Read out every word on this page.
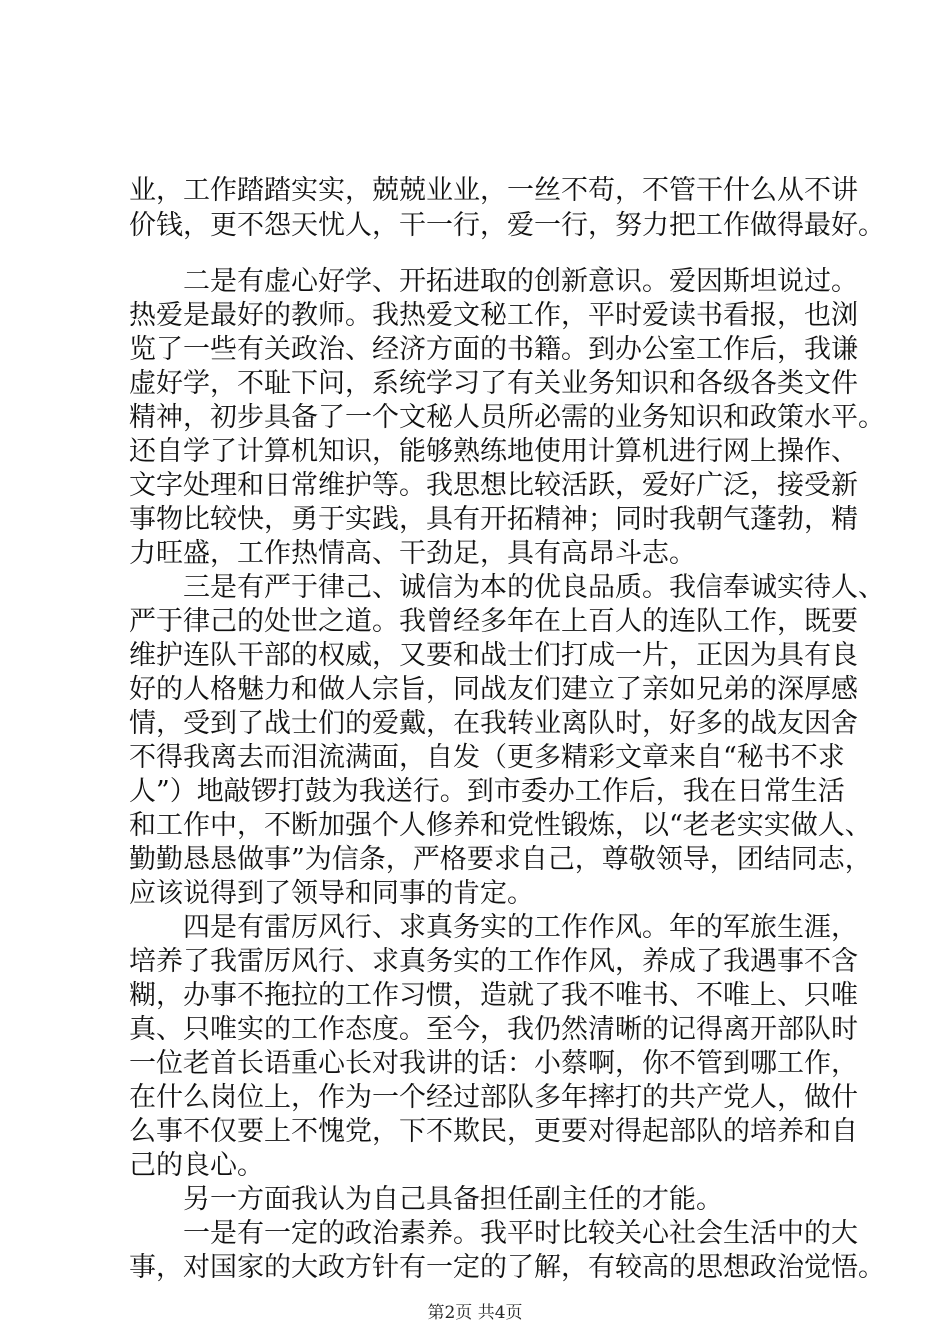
业，工作踏踏实实，兢兢业业，一丝不苟，不管干什么从不讲
价钱，更不怨天忧人，干一行，爱一行，努力把工作做得最好。
二是有虚心好学、开拓进取的创新意识。爱因斯坦说过。
热爱是最好的教师。我热爱文秘工作，平时爱读书看报，也浏
览了一些有关政治、经济方面的书籍。到办公室工作后，我谦
虚好学，不耻下问，系统学习了有关业务知识和各级各类文件
精神，初步具备了一个文秘人员所必需的业务知识和政策水平。
还自学了计算机知识，能够熟练地使用计算机进行网上操作、
文字处理和日常维护等。我思想比较活跃，爱好广泛，接受新
事物比较快，勇于实践，具有开拓精神；同时我朝气蓬勃，精
力旺盛，工作热情高、干劲足，具有高昂斗志。
三是有严于律己、诚信为本的优良品质。我信奉诚实待人、
严于律己的处世之道。我曾经多年在上百人的连队工作，既要
维护连队干部的权威，又要和战士们打成一片，正因为具有良
好的人格魅力和做人宗旨，同战友们建立了亲如兄弟的深厚感
情，受到了战士们的爱戴，在我转业离队时，好多的战友因舍
不得我离去而泪流满面，自发（更多精彩文章来自“秘书不求
人”）地敲锣打鼓为我送行。到市委办工作后，我在日常生活
和工作中，不断加强个人修养和党性锻炼，以“老老实实做人、
勤勤恳恳做事”为信条，严格要求自己，尊敬领导，团结同志，
应该说得到了领导和同事的肯定。
四是有雷厉风行、求真务实的工作作风。年的军旅生涯，
培养了我雷厉风行、求真务实的工作作风，养成了我遇事不含
糊，办事不拖拉的工作习惯，造就了我不唯书、不唯上、只唯
真、只唯实的工作态度。至今，我仍然清晰的记得离开部队时
一位老首长语重心长对我讲的话：小蔡啊，你不管到哪工作，
在什么岗位上，作为一个经过部队多年摔打的共产党人，做什
么事不仅要上不愧党，下不欺民，更要对得起部队的培养和自
己的良心。
另一方面我认为自己具备担任副主任的才能。
一是有一定的政治素养。我平时比较关心社会生活中的大
事，对国家的大政方针有一定的了解，有较高的思想政治觉悟。
第2页 共4页
